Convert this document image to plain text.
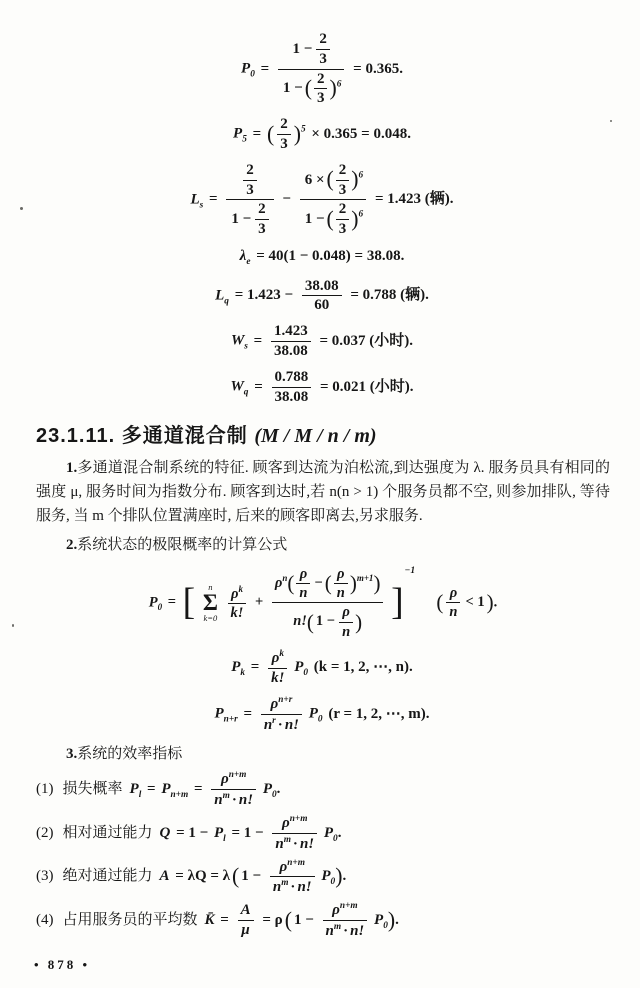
$P_0 = \frac{1 - \frac{2}{3}}{1 -( \frac{2}{3} )^6} = 0.365$.
$P_5$ = ( $\frac{2}{3} )^5 \times 0.365 = 0.048$.
$L_s = \frac{\frac{2}{3}}{1 - \frac{2}{3}} - \frac{6 \times( \frac{2}{3} )^6}{1 -( \frac{2}{3} )^6} = 1.423$ (辆).
$\lambda_e = 40(1 - 0.048) = 38.08$.
$L_q = 1.423 - \frac{38.08}{60} = 0.788$ (辆).
$W_s = \frac{1.423}{38.08} = 0.037$ (小时).
$W_q = \frac{0.788}{38.08} = 0.021$ (小时).
23.1.11. 多通道混合制 (M / M / n / m)

1.多通道混合制系统的特征. 顾客到达流为泊松流,到达强度为 λ. 服务员具有相同的强度 μ, 服务时间为指数分布. 顾客到达时,若 n(n > 1) 个服务员都不空, 则参加排队, 等待服务, 当 m 个排队位置满座时, 后来的顾客即离去,另求服务.

2.系统状态的极限概率的计算公式

$P_0$ = [ n
Σ
k=0
$\frac{\rho^k}{k!} + \frac{\rho^n( \frac{\rho}{n} -( \frac{\rho}{n} )^{m+1})}{n!( 1 - \frac{\rho}{n} )} ]^{-1}$  ( $\frac{\rho}{n} < 1$).
$P_k = \frac{\rho^k}{k!} P_0$ (k = 1, 2, ⋯, n).
$P_{n+r} = \frac{\rho^{n+r}}{n^r \cdot n!} P_0$ (r = 1, 2, ⋯, m).

3.系统的效率指标

(1) 损失概率 $P_l = P_{n+m} = \frac{\rho^{n+m}}{n^m \cdot n!} P_0$.
(2) 相对通过能力 $Q = 1 - P_l = 1 - \frac{\rho^{n+m}}{n^m \cdot n!} P_0$.
(3) 绝对通过能力 A = λQ = λ( $1 - \frac{\rho^{n+m}}{n^m \cdot n!} P_0$).
(4) 占用服务员的平均数 K̄ = $\frac{A}{\mu} = \rho$( $1 - \frac{\rho^{n+m}}{n^m \cdot n!} P_0$).
• 878 •
